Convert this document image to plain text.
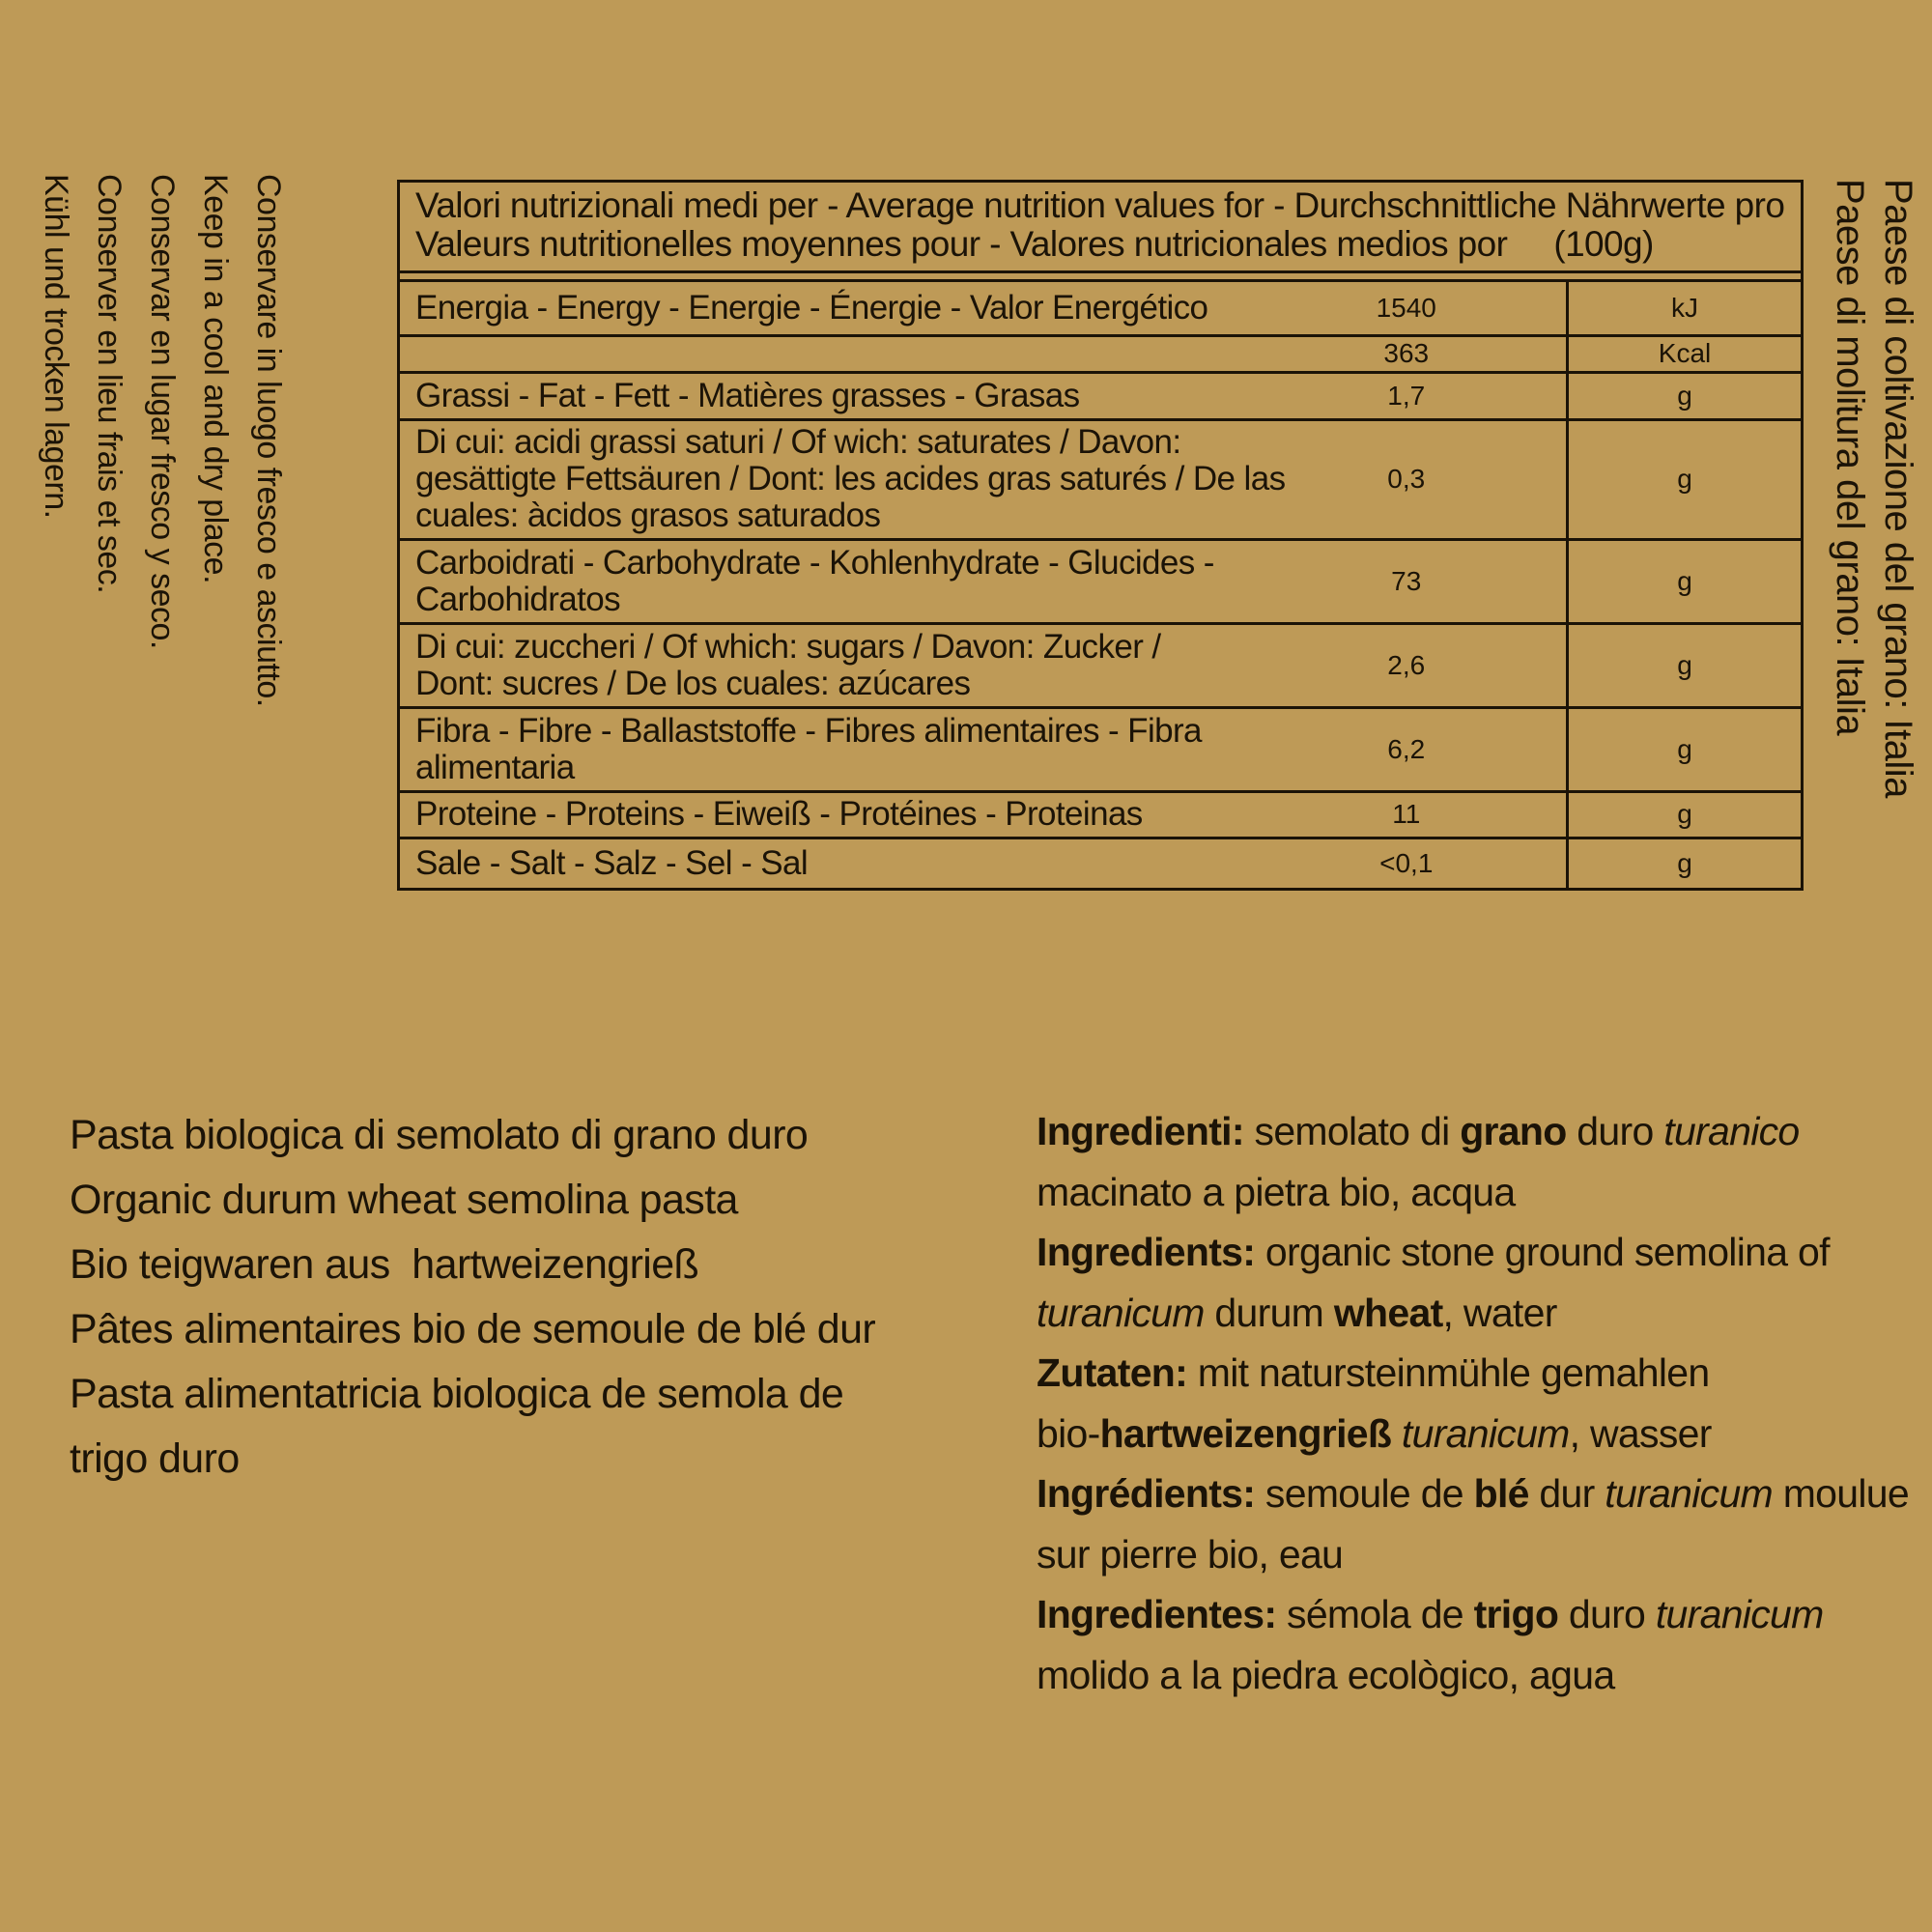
Conservare in luogo fresco e asciutto.
Keep in a cool and dry place.
Conservar en lugar fresco y seco.
Conserver en lieu frais et sec.
Kühl und trocken lagern.	Valori nutrizionali medi per - Average nutrition values for - Durchschnittliche Nährwerte pro
Valeurs nutritionelles moyennes pour - Valores nutricionales medios por (100g)
Energia - Energy - Energie - Énergie - Valor Energético	1540	kJ
	363	Kcal
Grassi - Fat - Fett - Matières grasses - Grasas	1,7	g

Di cui: acidi grassi saturi / Of wich: saturates / Davon: gesättigte Fettsäuren / Dont: les acides gras saturés / De las cuales: àcidos grasos saturados	0,3	g

Carboidrati - Carbohydrate - Kohlenhydrate - Glucides - Carbohidratos	73	g

Di cui: zuccheri / Of which: sugars / Davon: Zucker / Dont: sucres / De los cuales: azúcares	2,6	g

Fibra - Fibre - Ballaststoffe - Fibres alimentaires - Fibra alimentaria	6,2	g
Proteine - Proteins - Eiweiß - Protéines - Proteinas	11	g
Sale - Salt - Salz - Sel - Sal	<0,1	g
Paese di coltivazione del grano: Italia
Paese di molitura del grano: Italia
Pasta biologica di semolato di grano duro
Organic durum wheat semolina pasta
Bio teigwaren aus  hartweizengrieß
Pâtes alimentaires bio de semoule de blé dur
Pasta alimentatricia biologica de semola de
trigo duro
Ingredienti: semolato di grano duro turanico
macinato a pietra bio, acqua
Ingredients: organic stone ground semolina of
turanicum durum wheat, water
Zutaten: mit natursteinmühle gemahlen
bio-hartweizengrieß turanicum, wasser
Ingrédients: semoule de blé dur turanicum moulue
sur pierre bio, eau
Ingredientes: sémola de trigo duro turanicum
molido a la piedra ecològico, agua
